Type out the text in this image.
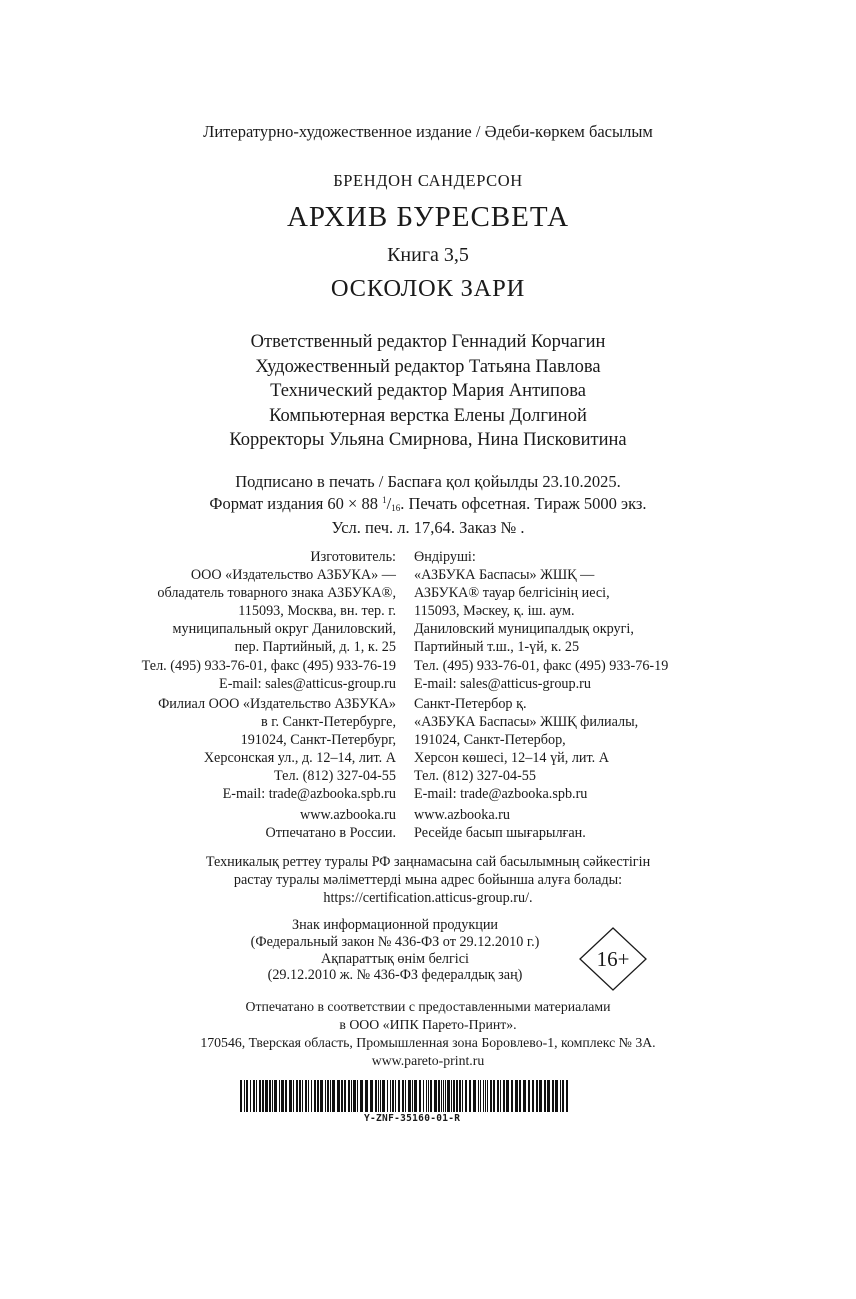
Литературно-художественное издание / Әдеби-көркем басылым
БРЕНДОН САНДЕРСОН
АРХИВ БУРЕСВЕТА
Книга 3,5
ОСКОЛОК ЗАРИ
Ответственный редактор Геннадий Корчагин
Художественный редактор Татьяна Павлова
Технический редактор Мария Антипова
Компьютерная верстка Елены Долгиной
Корректоры Ульяна Смирнова, Нина Писковитина
Подписано в печать / Баспаға қол қойылды 23.10.2025.
Формат издания 60 × 88 $^1/_{16}$. Печать офсетная. Тираж 5000 экз.
Усл. печ. л. 17,64. Заказ № .
Изготовитель:
ООО «Издательство АЗБУКА» —
обладатель товарного знака АЗБУКА®,
115093, Москва, вн. тер. г.
муниципальный округ Даниловский,
пер. Партийный, д. 1, к. 25
Тел. (495) 933-76-01, факс (495) 933-76-19
E-mail: sales@atticus-group.ru
Өндіруші:
«АЗБУКА Баспасы» ЖШҚ —
АЗБУКА® тауар белгісінің иесі,
115093, Мәскеу, қ. іш. аум.
Даниловский муниципалдық округі,
Партийный т.ш., 1-үй, к. 25
Тел. (495) 933-76-01, факс (495) 933-76-19
E-mail: sales@atticus-group.ru
Филиал ООО «Издательство АЗБУКА»
в г. Санкт-Петербурге,
191024, Санкт-Петербург,
Херсонская ул., д. 12–14, лит. А
Тел. (812) 327-04-55
E-mail: trade@azbooka.spb.ru
Санкт-Петербор қ.
«АЗБУКА Баспасы» ЖШҚ филиалы,
191024, Санкт-Петербор,
Херсон көшесі, 12–14 үй, лит. А
Тел. (812) 327-04-55
E-mail: trade@azbooka.spb.ru
www.azbooka.ru
Отпечатано в России.
www.azbooka.ru
Ресейде басып шығарылған.
Техникалық реттеу туралы РФ заңнамасына сай басылымның сәйкестігін
растау туралы мәліметтерді мына адрес бойынша алуға болады:
https://certification.atticus-group.ru/.
Знак информационной продукции
(Федеральный закон № 436-ФЗ от 29.12.2010 г.)
Ақпараттық өнім белгісі
(29.12.2010 ж. № 436-ФЗ федералдық заң)
16+
Отпечатано в соответствии с предоставленными материалами
в ООО «ИПК Парето-Принт».
170546, Тверская область, Промышленная зона Боровлево-1, комплекс № 3А.
www.pareto-print.ru
Y-ZNF-35160-01-R
